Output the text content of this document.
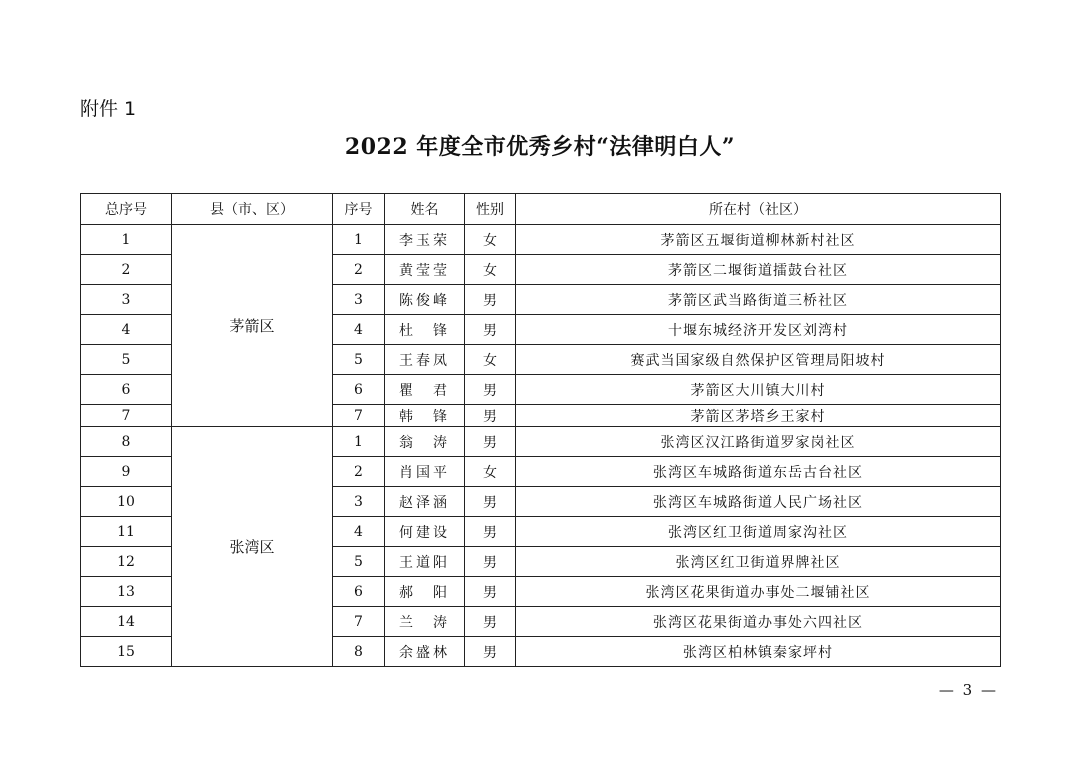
附件 1
2022 年度全市优秀乡村“法律明白人”
总序号	县（市、区）	序号	姓名	性别	所在村（社区）
1	茅箭区	1	李玉荣	女	茅箭区五堰街道柳林新村社区
2		2	黄莹莹	女	茅箭区二堰街道擂鼓台社区
3		3	陈俊峰	男	茅箭区武当路街道三桥社区
4		4	杜　锋	男	十堰东城经济开发区刘湾村
5		5	王春凤	女	赛武当国家级自然保护区管理局阳坡村
6		6	瞿　君	男	茅箭区大川镇大川村
7		7	韩　锋	男	茅箭区茅塔乡王家村
8	张湾区	1	翁　涛	男	张湾区汉江路街道罗家岗社区
9		2	肖国平	女	张湾区车城路街道东岳古台社区
10		3	赵泽涵	男	张湾区车城路街道人民广场社区
11		4	何建设	男	张湾区红卫街道周家沟社区
12		5	王道阳	男	张湾区红卫街道界牌社区
13		6	郝　阳	男	张湾区花果街道办事处二堰铺社区
14		7	兰　涛	男	张湾区花果街道办事处六四社区
15		8	余盛林	男	张湾区柏林镇秦家坪村
— 3 —
